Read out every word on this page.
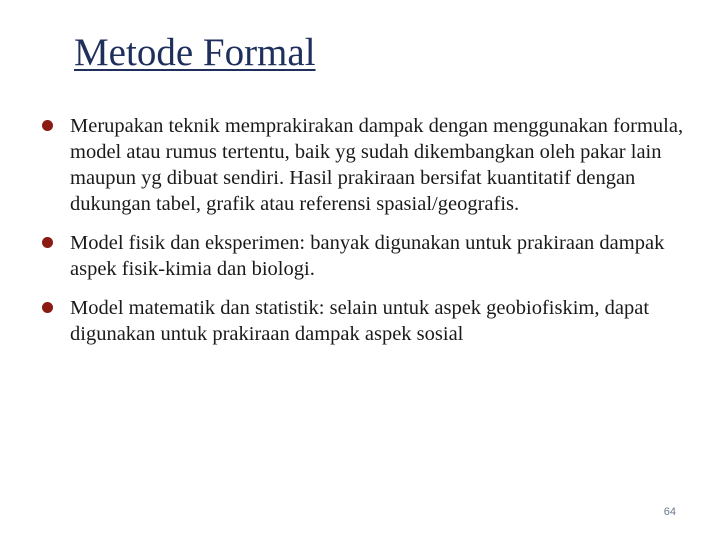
Metode Formal
Merupakan teknik memprakirakan dampak dengan menggunakan formula, model atau rumus tertentu, baik yg sudah dikembangkan oleh pakar lain maupun yg dibuat sendiri. Hasil prakiraan bersifat kuantitatif dengan dukungan tabel, grafik atau referensi spasial/geografis.
Model fisik dan eksperimen: banyak digunakan untuk prakiraan dampak aspek fisik-kimia dan biologi.
Model matematik dan statistik: selain untuk aspek geobiofiskim, dapat digunakan untuk prakiraan dampak aspek sosial
64
